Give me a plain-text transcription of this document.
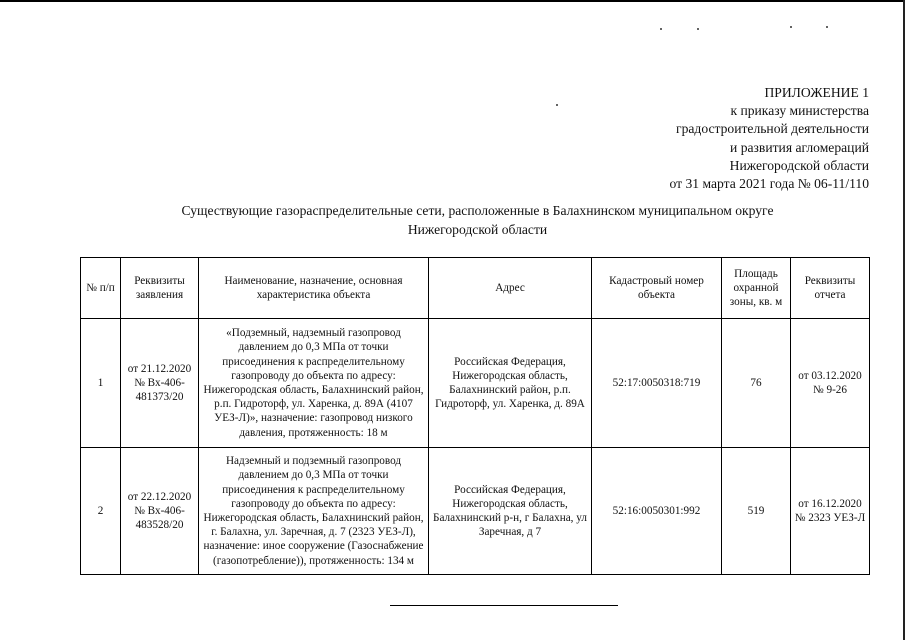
ПРИЛОЖЕНИЕ 1
к приказу министерства
градостроительной деятельности
и развития агломераций
Нижегородской области
от 31 марта 2021 года № 06-11/110
Существующие газораспределительные сети, расположенные в Балахнинском муниципальном округе
Нижегородской области
№ п/п	Реквизиты заявления	Наименование, назначение, основная характеристика объекта	Адрес	Кадастровый номер объекта	Площадь охранной зоны, кв. м	Реквизиты отчета
1	от 21.12.2020 № Вх-406-481373/20	«Подземный, надземный газопровод давлением до 0,3 МПа от точки присоединения к распределительному газопроводу до объекта по адресу: Нижегородская область, Балахнинский район, р.п. Гидроторф, ул. Харенка, д. 89А (4107 УЕЗ-Л)», назначение: газопровод низкого давления, протяженность: 18 м	Российская Федерация, Нижегородская область, Балахнинский район, р.п. Гидроторф, ул. Харенка, д. 89А	52:17:0050318:719	76	от 03.12.2020 № 9-26
2	от 22.12.2020 № Вх-406-483528/20	Надземный и подземный газопровод давлением до 0,3 МПа от точки присоединения к распределительному газопроводу до объекта по адресу: Нижегородская область, Балахнинский район, г. Балахна, ул. Заречная, д. 7 (2323 УЕЗ-Л), назначение: иное сооружение (Газоснабжение (газопотребление)), протяженность: 134 м	Российская Федерация, Нижегородская область, Балахнинский р-н, г Балахна, ул Заречная, д 7	52:16:0050301:992	519	от 16.12.2020 № 2323 УЕЗ-Л
